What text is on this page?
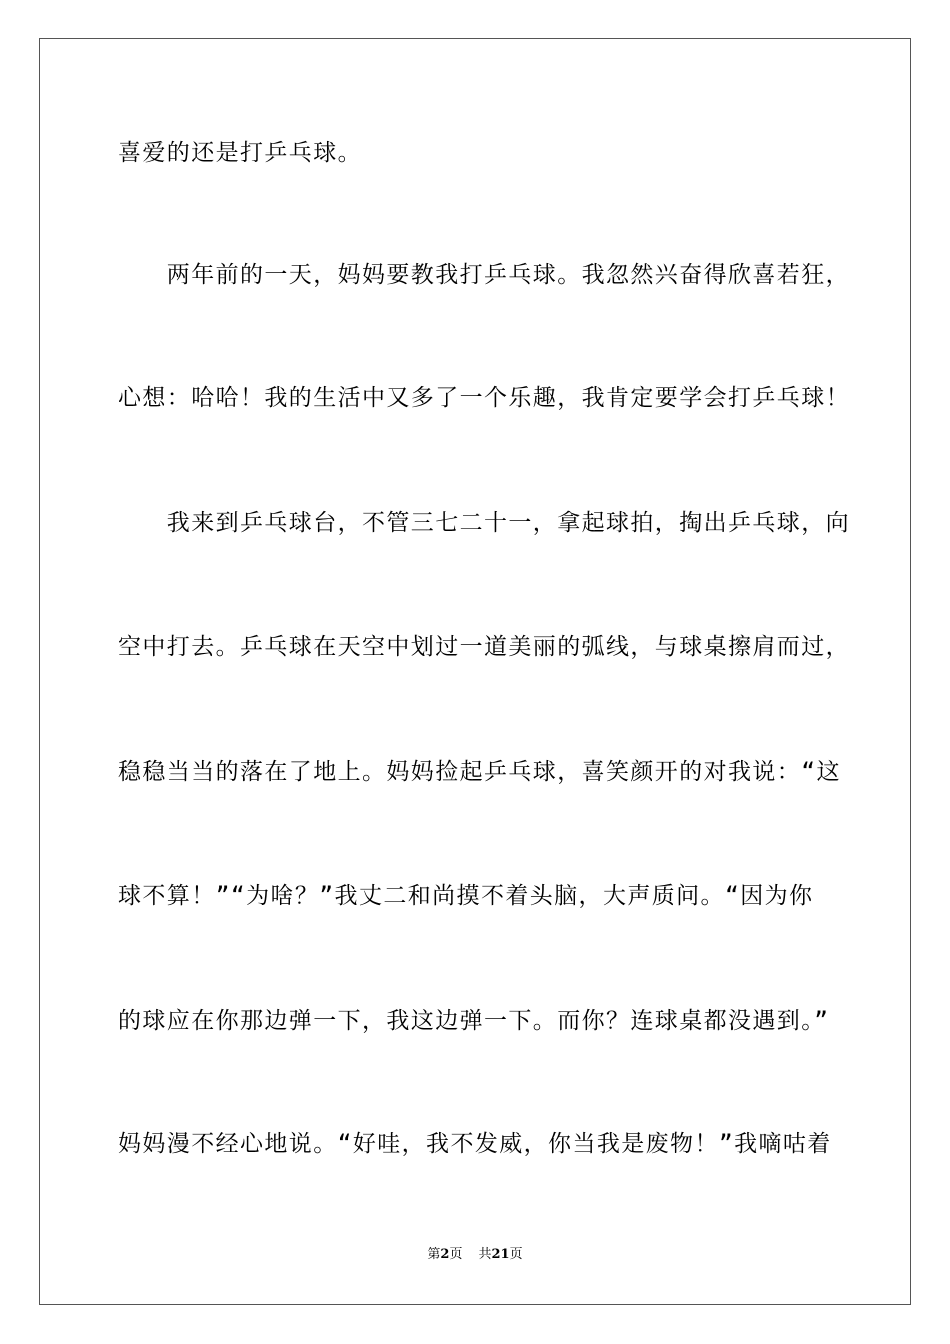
喜爱的还是打乒乓球。
　　两年前的一天，妈妈要教我打乒乓球。我忽然兴奋得欣喜若狂，
心想：哈哈！我的生活中又多了一个乐趣，我肯定要学会打乒乓球！
　　我来到乒乓球台，不管三七二十一，拿起球拍，掏出乒乓球，向
空中打去。乒乓球在天空中划过一道美丽的弧线，与球桌擦肩而过，
稳稳当当的落在了地上。妈妈捡起乒乓球，喜笑颜开的对我说：“这
球不算！”“为啥？”我丈二和尚摸不着头脑，大声质问。“因为你
的球应在你那边弹一下，我这边弹一下。而你？连球桌都没遇到。”
妈妈漫不经心地说。“好哇，我不发威，你当我是废物！”我嘀咕着
第2页 共21页
